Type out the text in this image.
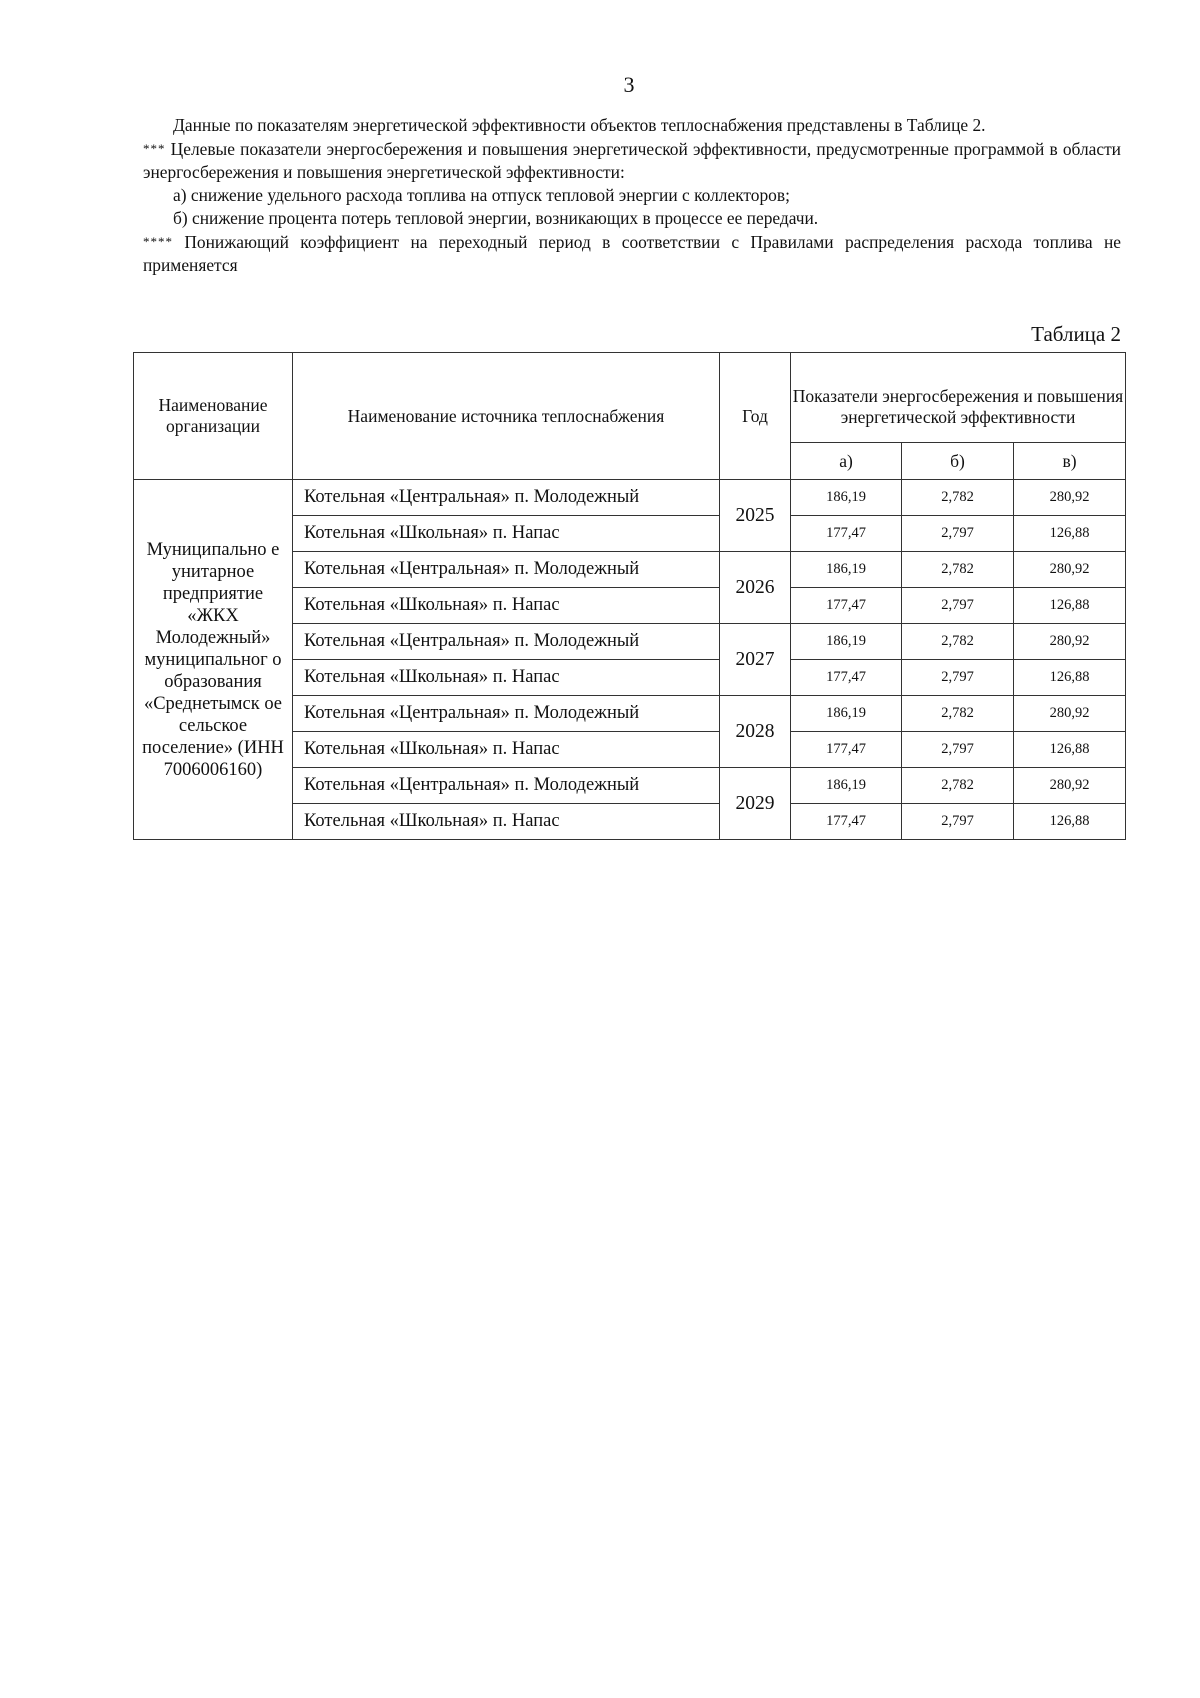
3

Данные по показателям энергетической эффективности объектов теплоснабжения представлены в Таблице 2.

*** Целевые показатели энергосбережения и повышения энергетической эффективности, предусмотренные программой в области энергосбережения и повышения энергетической эффективности:

а) снижение удельного расхода топлива на отпуск тепловой энергии с коллекторов;

б) снижение процента потерь тепловой энергии, возникающих в процессе ее передачи.

**** Понижающий коэффициент на переходный период в соответствии с Правилами распределения расхода топлива не применяется

Таблица 2
Наименование организации	Наименование источника теплоснабжения	Год	Показатели энергосбережения и повышения энергетической эффективности		
			а)	б)	в)
Муниципально е унитарное предприятие «ЖКХ Молодежный» муниципальног о образования «Среднетымск ое сельское поселение» (ИНН 7006006160)	Котельная «Центральная» п. Молодежный	2025	186,19	2,782	280,92
	Котельная «Школьная» п. Напас		177,47	2,797	126,88
	Котельная «Центральная» п. Молодежный	2026	186,19	2,782	280,92
	Котельная «Школьная» п. Напас		177,47	2,797	126,88
	Котельная «Центральная» п. Молодежный	2027	186,19	2,782	280,92
	Котельная «Школьная» п. Напас		177,47	2,797	126,88
	Котельная «Центральная» п. Молодежный	2028	186,19	2,782	280,92
	Котельная «Школьная» п. Напас		177,47	2,797	126,88
	Котельная «Центральная» п. Молодежный	2029	186,19	2,782	280,92
	Котельная «Школьная» п. Напас		177,47	2,797	126,88
